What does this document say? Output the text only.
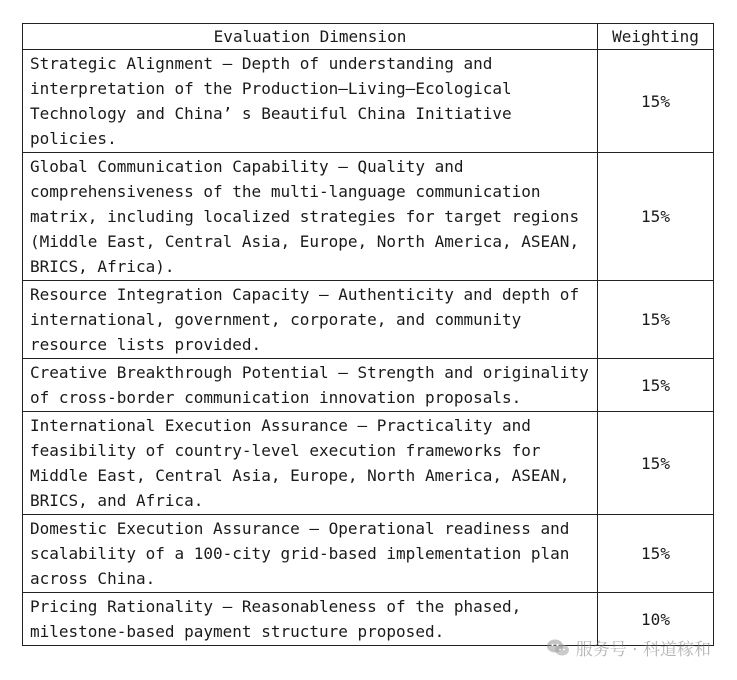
Evaluation Dimension	Weighting
Strategic Alignment – Depth of understanding and interpretation of the Production–Living–Ecological Technology and China’ s Beautiful China Initiative policies.	15%
Global Communication Capability – Quality and comprehensiveness of the multi-language communication matrix, including localized strategies for target regions (Middle East, Central Asia, Europe, North America, ASEAN, BRICS, Africa).	15%
Resource Integration Capacity – Authenticity and depth of international, government, corporate, and community resource lists provided.	15%
Creative Breakthrough Potential – Strength and originality of cross-border communication innovation proposals.	15%
International Execution Assurance – Practicality and feasibility of country-level execution frameworks for Middle East, Central Asia, Europe, North America, ASEAN, BRICS, and Africa.	15%
Domestic Execution Assurance – Operational readiness and scalability of a 100-city grid-based implementation plan across China.	15%
Pricing Rationality – Reasonableness of the phased, milestone-based payment structure proposed.	10%
服务号 · 科道稼和
